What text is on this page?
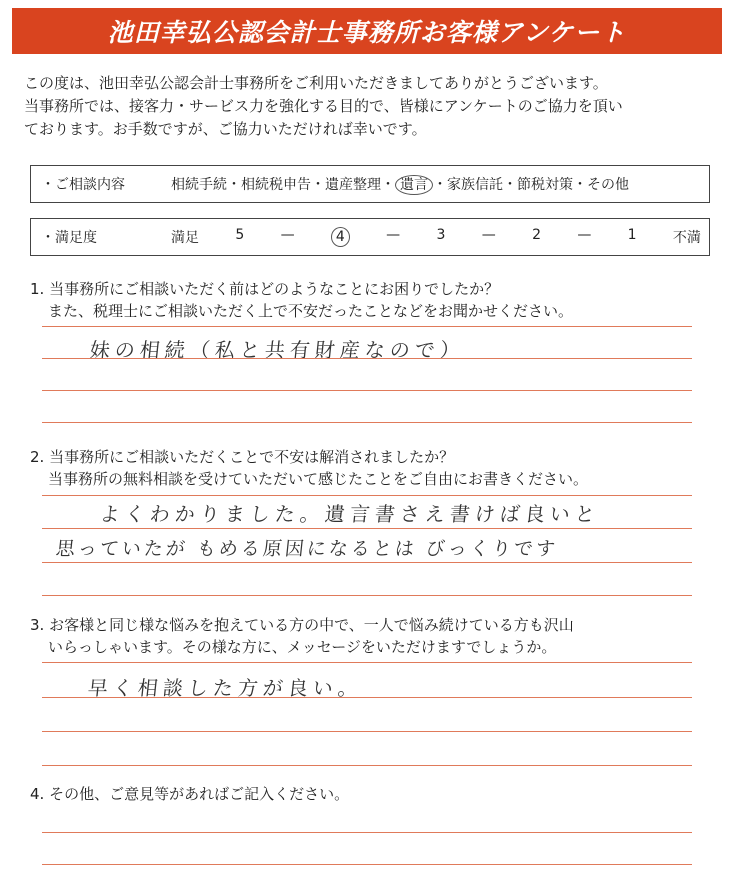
池田幸弘公認会計士事務所お客様アンケート
この度は、池田幸弘公認会計士事務所をご利用いただきましてありがとうございます。
当事務所では、接客力・サービス力を強化する目的で、皆様にアンケートのご協力を頂い
ております。お手数ですが、ご協力いただければ幸いです。
・ご相談内容	相続手続・相続税申告・遺産整理・ 遺言 ・家族信託・節税対策・その他
・満足度	満足	5	—	4	—	3	—	2	—	1	不満
1. 当事務所にご相談いただく前はどのようなことにお困りでしたか？
また、税理士にご相談いただく上で不安だったことなどをお聞かせください。
妹の相続（私と共有財産なので）
2. 当事務所にご相談いただくことで不安は解消されましたか？
当事務所の無料相談を受けていただいて感じたことをご自由にお書きください。
よくわかりました。遺言書さえ書けば良いと
思っていたが もめる原因になるとは びっくりです
3. お客様と同じ様な悩みを抱えている方の中で、一人で悩み続けている方も沢山
いらっしゃいます。その様な方に、メッセージをいただけますでしょうか。
早く相談した方が良い。
4. その他、ご意見等があればご記入ください。
